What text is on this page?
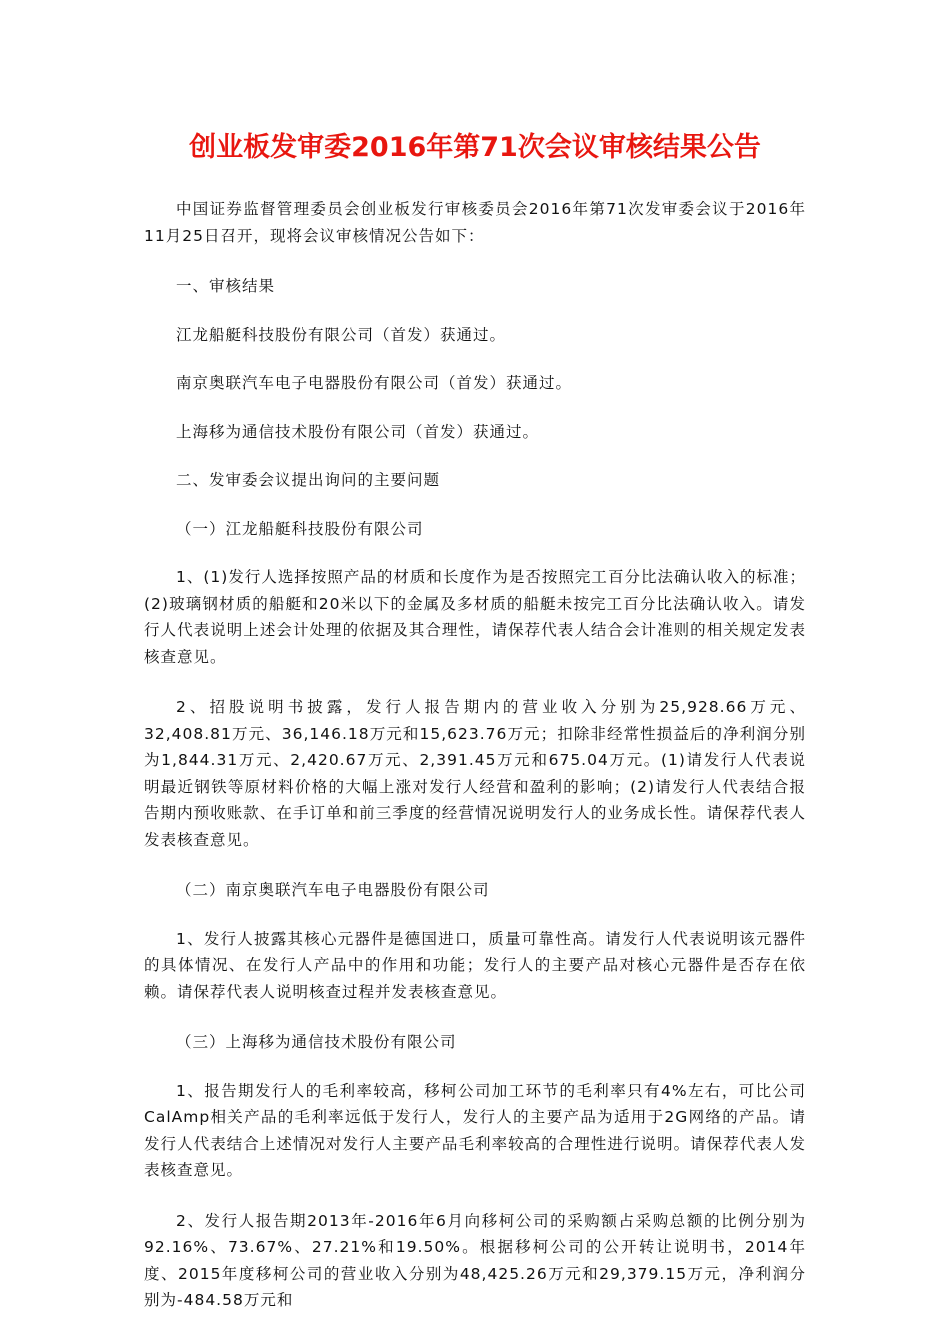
创业板发审委2016年第71次会议审核结果公告

中国证券监督管理委员会创业板发行审核委员会2016年第71次发审委会议于2016年11月25日召开，现将会议审核情况公告如下：

一、审核结果

江龙船艇科技股份有限公司（首发）获通过。

南京奥联汽车电子电器股份有限公司（首发）获通过。

上海移为通信技术股份有限公司（首发）获通过。

二、发审委会议提出询问的主要问题

（一）江龙船艇科技股份有限公司

1、(1)发行人选择按照产品的材质和长度作为是否按照完工百分比法确认收入的标准；(2)玻璃钢材质的船艇和20米以下的金属及多材质的船艇未按完工百分比法确认收入。请发行人代表说明上述会计处理的依据及其合理性，请保荐代表人结合会计准则的相关规定发表核查意见。

2、招股说明书披露，发行人报告期内的营业收入分别为25,928.66万元、32,408.81万元、36,146.18万元和15,623.76万元；扣除非经常性损益后的净利润分别为1,844.31万元、2,420.67万元、2,391.45万元和675.04万元。(1)请发行人代表说明最近钢铁等原材料价格的大幅上涨对发行人经营和盈利的影响；(2)请发行人代表结合报告期内预收账款、在手订单和前三季度的经营情况说明发行人的业务成长性。请保荐代表人发表核查意见。

（二）南京奥联汽车电子电器股份有限公司

1、发行人披露其核心元器件是德国进口，质量可靠性高。请发行人代表说明该元器件的具体情况、在发行人产品中的作用和功能；发行人的主要产品对核心元器件是否存在依赖。请保荐代表人说明核查过程并发表核查意见。

（三）上海移为通信技术股份有限公司

1、报告期发行人的毛利率较高，移柯公司加工环节的毛利率只有4%左右，可比公司CalAmp相关产品的毛利率远低于发行人，发行人的主要产品为适用于2G网络的产品。请发行人代表结合上述情况对发行人主要产品毛利率较高的合理性进行说明。请保荐代表人发表核查意见。

2、发行人报告期2013年-2016年6月向移柯公司的采购额占采购总额的比例分别为92.16%、73.67%、27.21%和19.50%。根据移柯公司的公开转让说明书，2014年度、2015年度移柯公司的营业收入分别为48,425.26万元和29,379.15万元，净利润分别为-484.58万元和
